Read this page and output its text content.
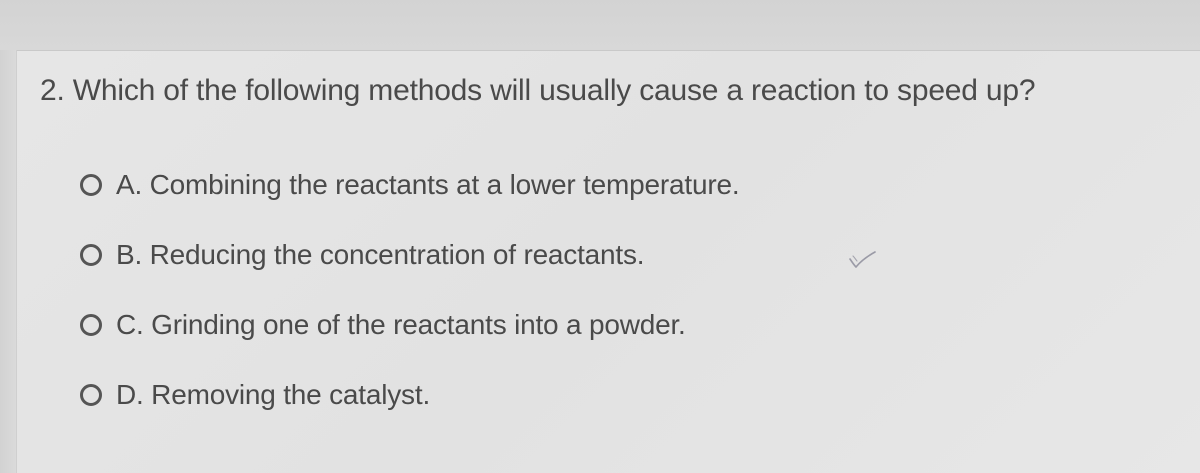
2. Which of the following methods will usually cause a reaction to speed up?
A. Combining the reactants at a lower temperature.
B. Reducing the concentration of reactants.
C. Grinding one of the reactants into a powder.
D. Removing the catalyst.
